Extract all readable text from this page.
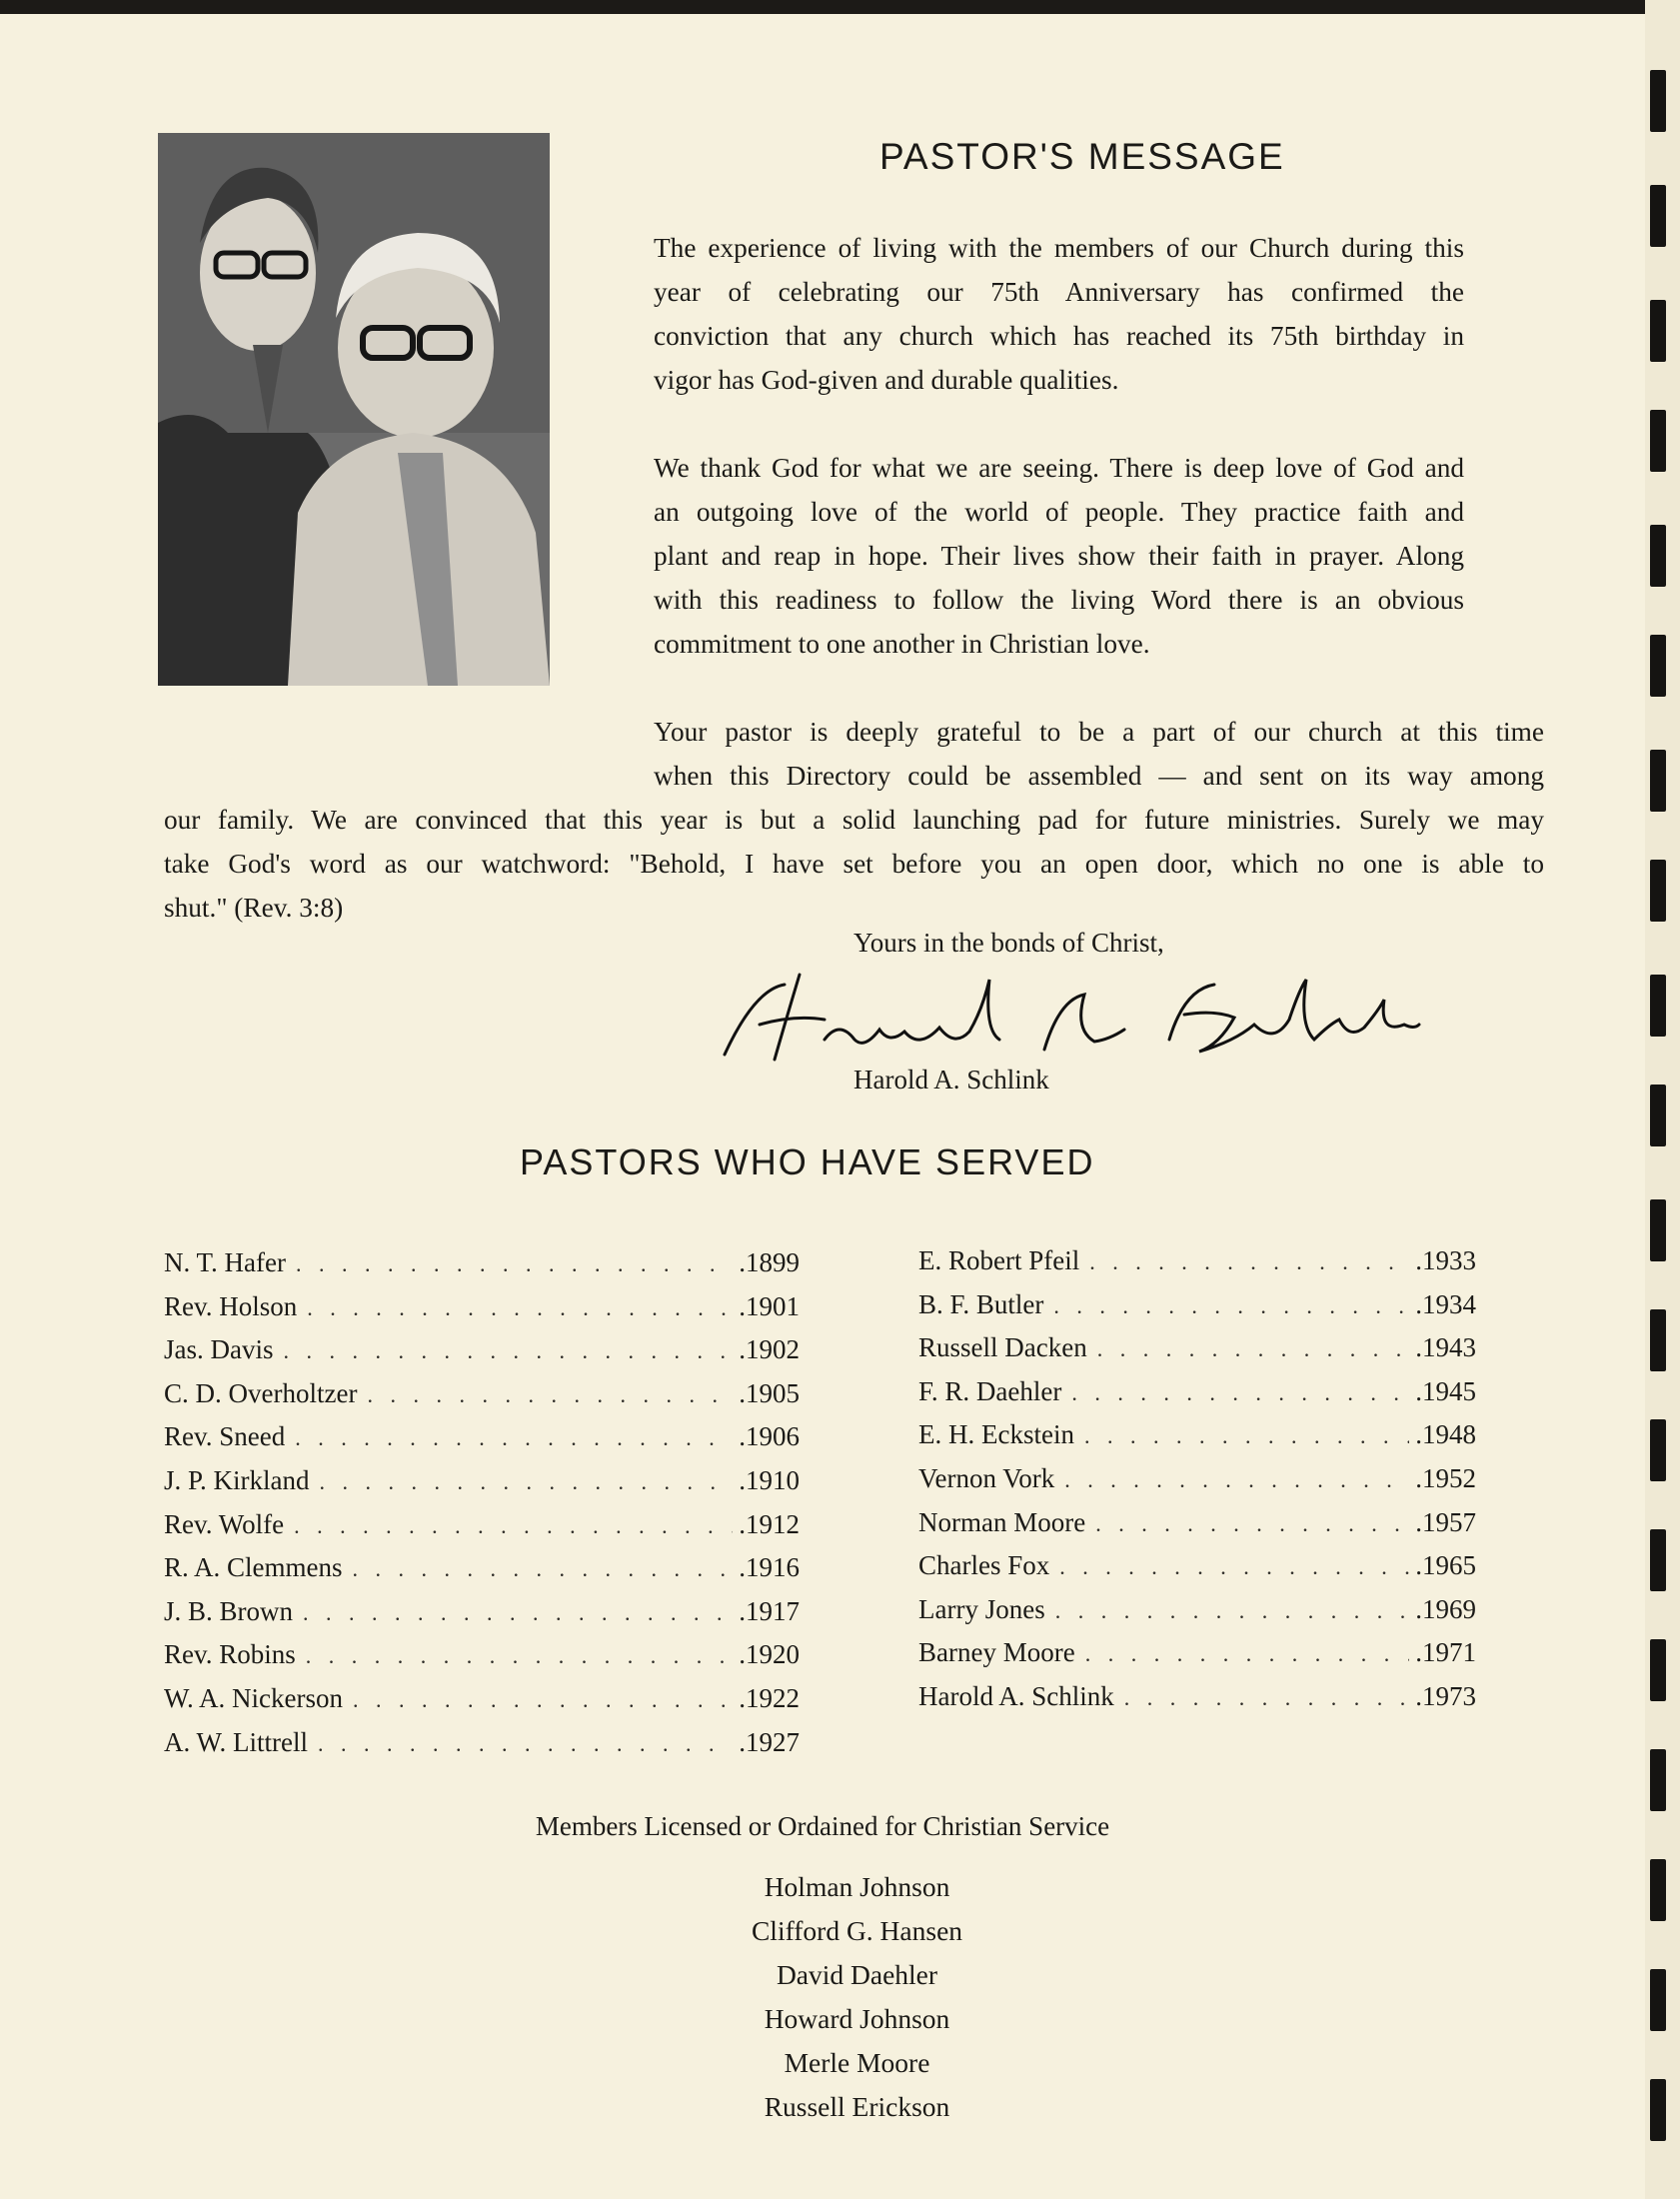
PASTOR'S MESSAGE

The experience of living with the members of our Church during this
year of celebrating our 75th Anniversary has confirmed the
conviction that any church which has reached its 75th birthday in
vigor has God-given and durable qualities.

We thank God for what we are seeing. There is deep love of God and
an outgoing love of the world of people. They practice faith and
plant and reap in hope. Their lives show their faith in prayer. Along
with this readiness to follow the living Word there is an obvious
commitment to one another in Christian love.

Your pastor is deeply grateful to be a part of our church at this time
when this Directory could be assembled — and sent on its way among

our family. We are convinced that this year is but a solid launching pad for future ministries. Surely we may
take God's word as our watchword: "Behold, I have set before you an open door, which no one is able to
shut." (Rev. 3:8)

Yours in the bonds of Christ,
Harold A. Schlink
PASTORS WHO HAVE SERVED
N. T. Hafer . . .	.1899
Rev. Holson . . .	.1901
Jas. Davis . . .	.1902
C. D. Overholtzer . . .	.1905
Rev. Sneed . . .	.1906
J. P. Kirkland . . .	.1910
Rev. Wolfe . . .	.1912
R. A. Clemmens . . .	.1916
J. B. Brown . . .	.1917
Rev. Robins . . .	.1920
W. A. Nickerson . . .	.1922
A. W. Littrell . . .	.1927
E. Robert Pfeil . . .	.1933
B. F. Butler . . .	.1934
Russell Dacken . . .	.1943
F. R. Daehler . . .	.1945
E. H. Eckstein . . .	.1948
Vernon Vork . . .	.1952
Norman Moore . . .	.1957
Charles Fox . . .	.1965
Larry Jones . . .	.1969
Barney Moore . . .	.1971
Harold A. Schlink . . .	.1973
Members Licensed or Ordained for Christian Service
Holman Johnson
Clifford G. Hansen
David Daehler
Howard Johnson
Merle Moore
Russell Erickson
